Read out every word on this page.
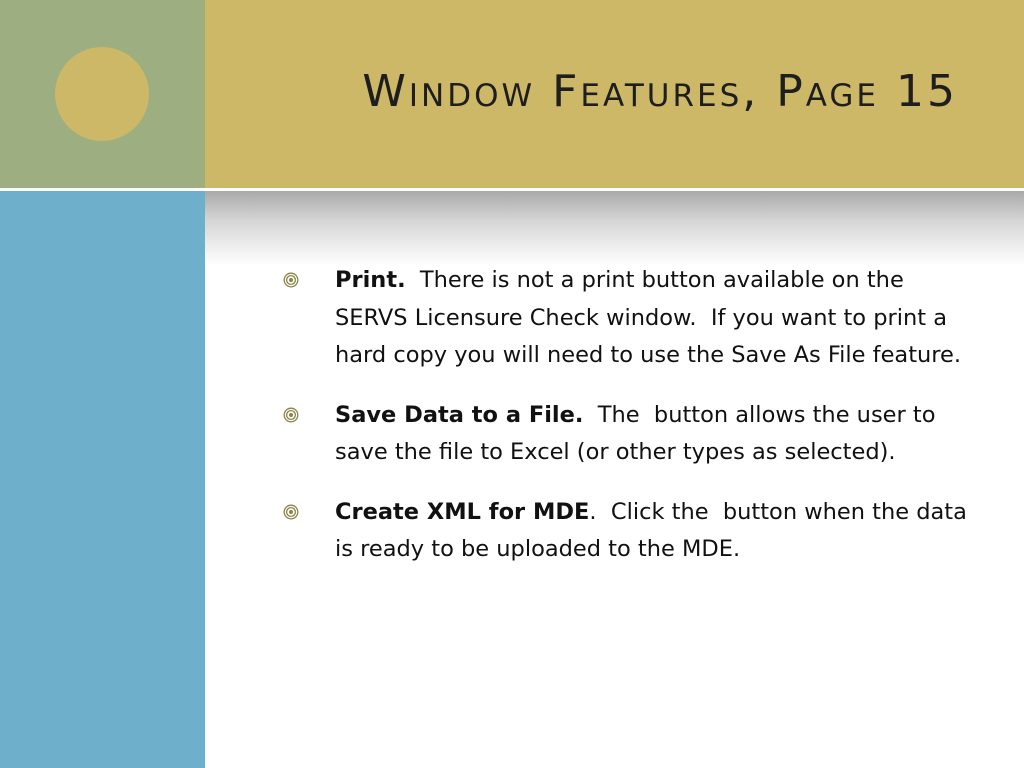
Window Features, Page 15
Print.  There is not a print button available on the SERVS Licensure Check window.  If you want to print a hard copy you will need to use the Save As File feature.
Save Data to a File.  The  button allows the user to save the file to Excel (or other types as selected).
Create XML for MDE.  Click the  button when the data is ready to be uploaded to the MDE.
